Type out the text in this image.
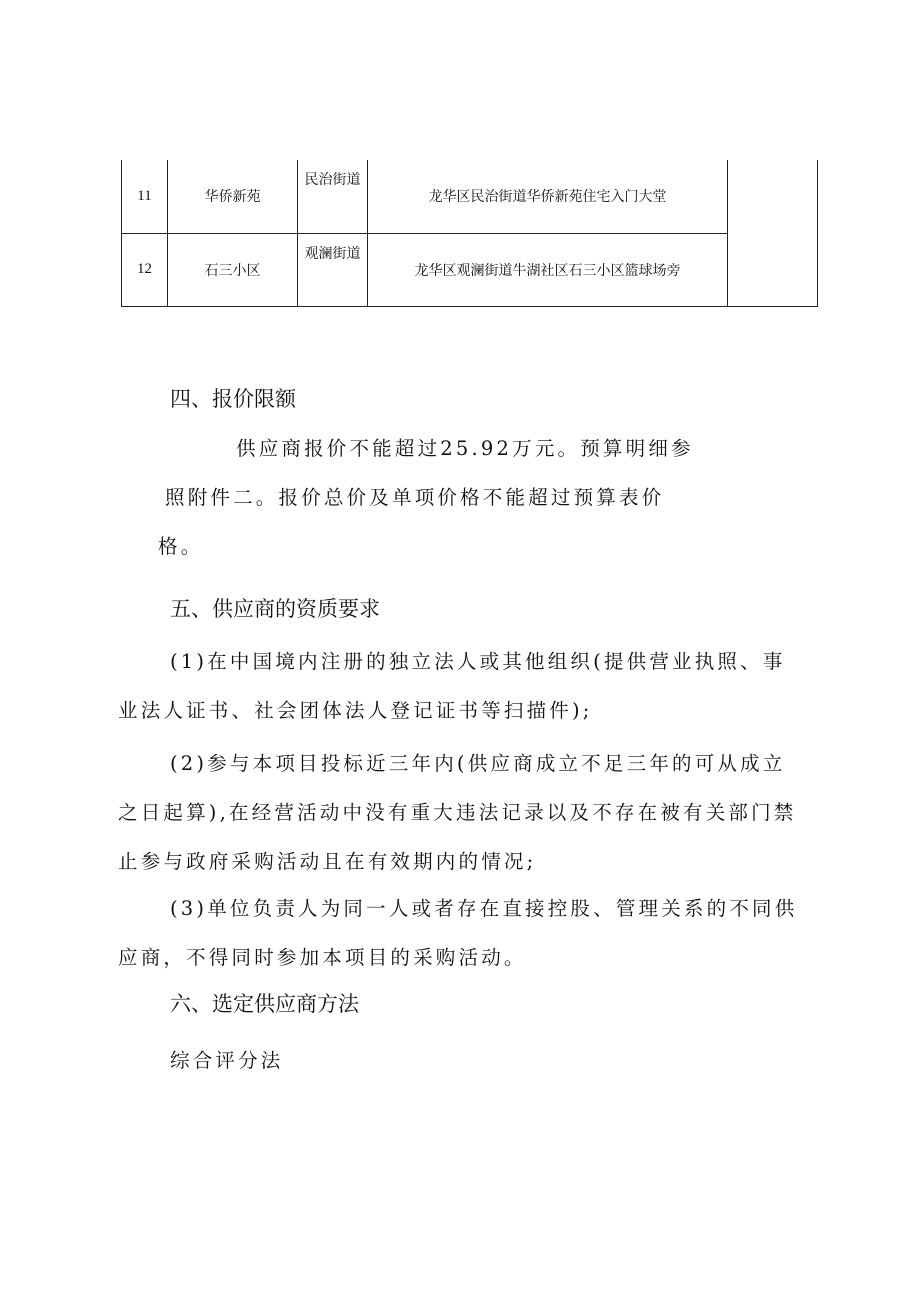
11	华侨新苑	民治街道	龙华区民治街道华侨新苑住宅入门大堂	
12	石三小区	观澜街道	龙华区观澜街道牛湖社区石三小区篮球场旁	
四、报价限额

供应商报价不能超过25.92万元。预算明细参
照附件二。报价总价及单项价格不能超过预算表价
格。

五、供应商的资质要求

(1)在中国境内注册的独立法人或其他组织(提供营业执照、事
业法人证书、社会团体法人登记证书等扫描件);

(2)参与本项目投标近三年内(供应商成立不足三年的可从成立
之日起算),在经营活动中没有重大违法记录以及不存在被有关部门禁
止参与政府采购活动且在有效期内的情况;

(3)单位负责人为同一人或者存在直接控股、管理关系的不同供
应商，不得同时参加本项目的采购活动。

六、选定供应商方法

综合评分法
